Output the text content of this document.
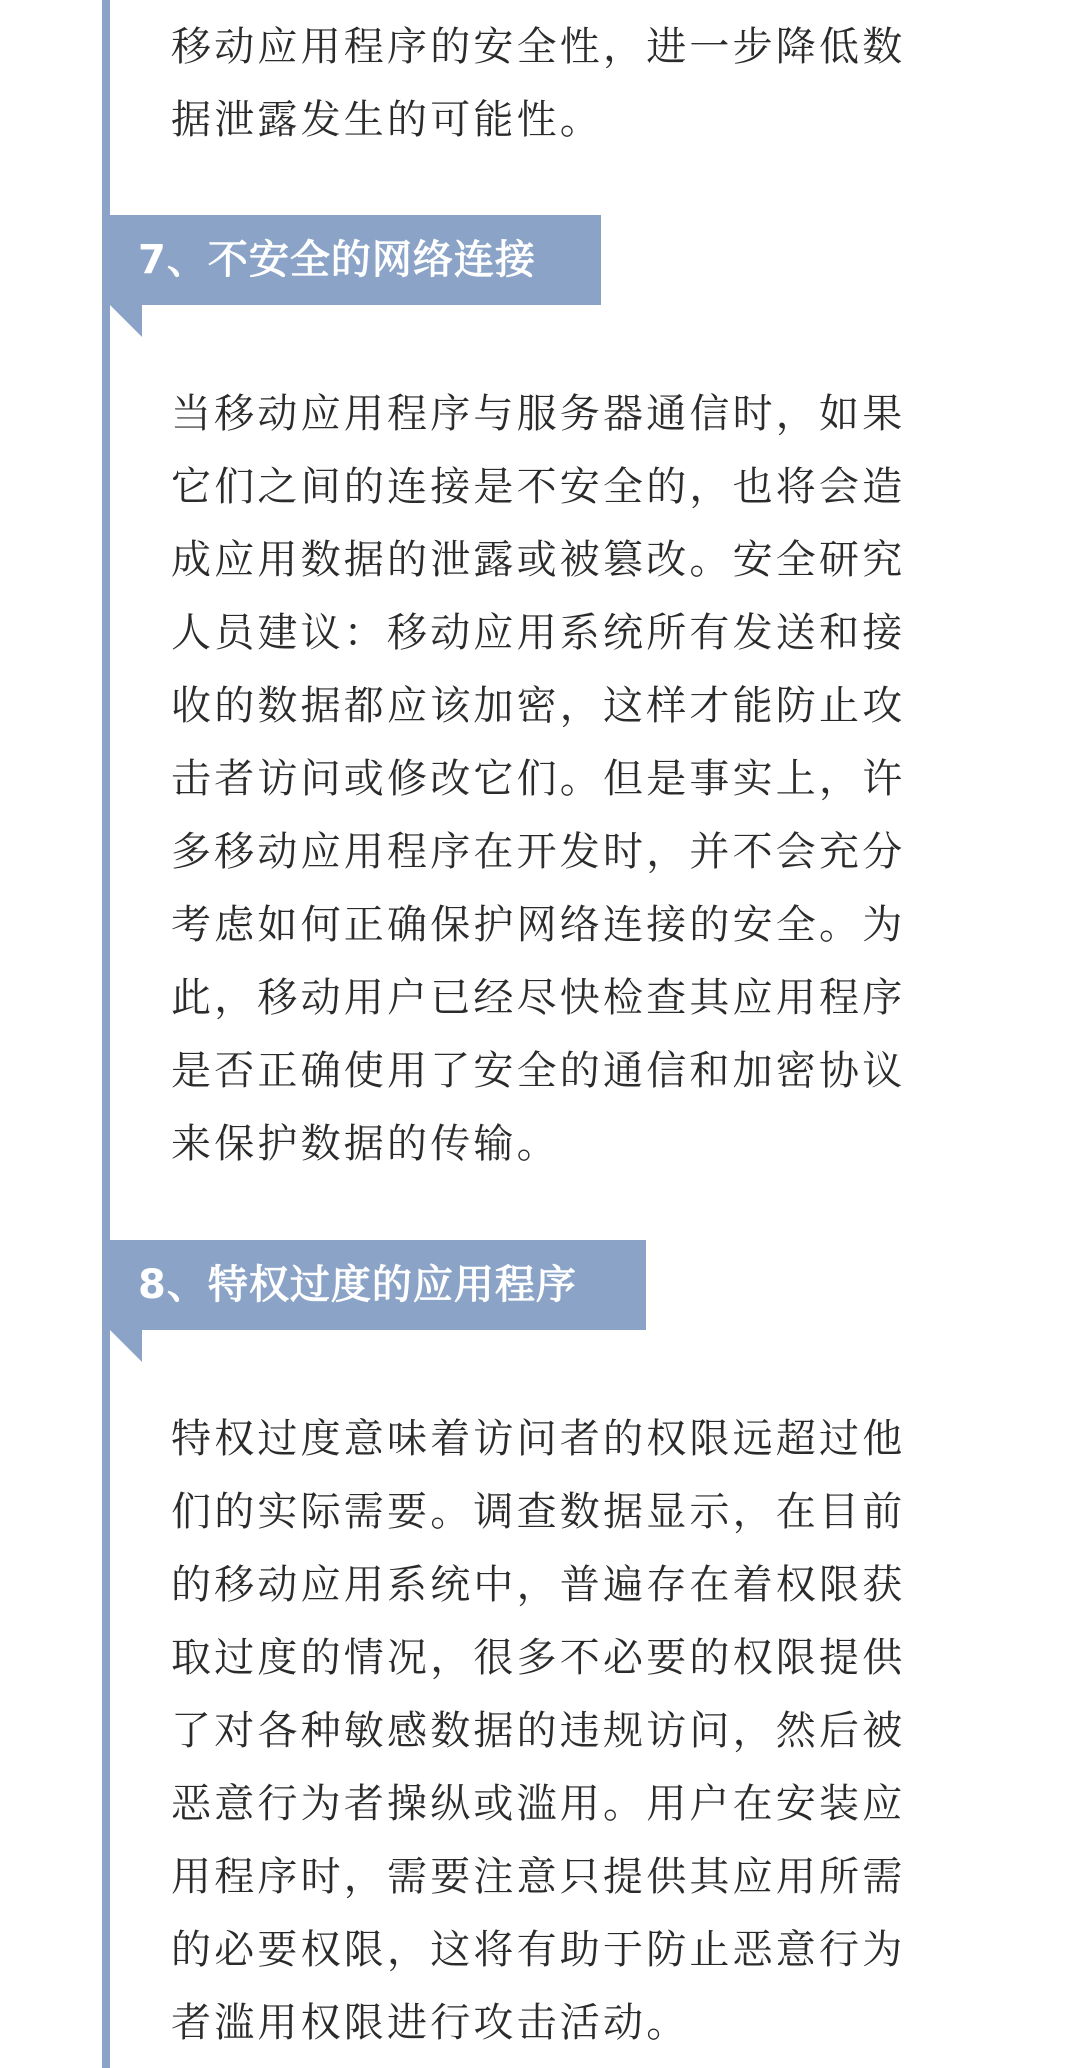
移动应用程序的安全性，进一步降低数
据泄露发生的可能性。
7、不安全的网络连接
当移动应用程序与服务器通信时，如果
它们之间的连接是不安全的，也将会造
成应用数据的泄露或被篡改。安全研究
人员建议：移动应用系统所有发送和接
收的数据都应该加密，这样才能防止攻
击者访问或修改它们。但是事实上，许
多移动应用程序在开发时，并不会充分
考虑如何正确保护网络连接的安全。为
此，移动用户已经尽快检查其应用程序
是否正确使用了安全的通信和加密协议
来保护数据的传输。
8、特权过度的应用程序
特权过度意味着访问者的权限远超过他
们的实际需要。调查数据显示，在目前
的移动应用系统中，普遍存在着权限获
取过度的情况，很多不必要的权限提供
了对各种敏感数据的违规访问，然后被
恶意行为者操纵或滥用。用户在安装应
用程序时，需要注意只提供其应用所需
的必要权限，这将有助于防止恶意行为
者滥用权限进行攻击活动。
